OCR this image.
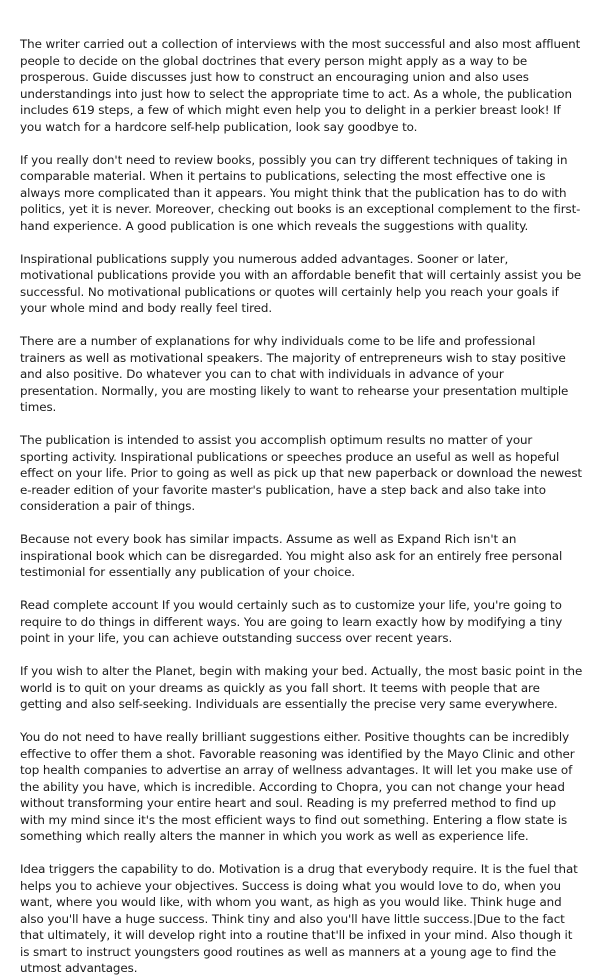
The writer carried out a collection of interviews with the most successful and also most affluent people to decide on the global doctrines that every person might apply as a way to be prosperous. Guide discusses just how to construct an encouraging union and also uses understandings into just how to select the appropriate time to act. As a whole, the publication includes 619 steps, a few of which might even help you to delight in a perkier breast look! If you watch for a hardcore self-help publication, look say goodbye to.

If you really don't need to review books, possibly you can try different techniques of taking in comparable material. When it pertains to publications, selecting the most effective one is always more complicated than it appears. You might think that the publication has to do with politics, yet it is never. Moreover, checking out books is an exceptional complement to the first-hand experience. A good publication is one which reveals the suggestions with quality.

Inspirational publications supply you numerous added advantages. Sooner or later, motivational publications provide you with an affordable benefit that will certainly assist you be successful. No motivational publications or quotes will certainly help you reach your goals if your whole mind and body really feel tired.

There are a number of explanations for why individuals come to be life and professional trainers as well as motivational speakers. The majority of entrepreneurs wish to stay positive and also positive. Do whatever you can to chat with individuals in advance of your presentation. Normally, you are mosting likely to want to rehearse your presentation multiple times.

The publication is intended to assist you accomplish optimum results no matter of your sporting activity. Inspirational publications or speeches produce an useful as well as hopeful effect on your life. Prior to going as well as pick up that new paperback or download the newest e-reader edition of your favorite master's publication, have a step back and also take into consideration a pair of things.

Because not every book has similar impacts. Assume as well as Expand Rich isn't an inspirational book which can be disregarded. You might also ask for an entirely free personal testimonial for essentially any publication of your choice.

Read complete account If you would certainly such as to customize your life, you're going to require to do things in different ways. You are going to learn exactly how by modifying a tiny point in your life, you can achieve outstanding success over recent years.

If you wish to alter the Planet, begin with making your bed. Actually, the most basic point in the world is to quit on your dreams as quickly as you fall short. It teems with people that are getting and also self-seeking. Individuals are essentially the precise very same everywhere.

You do not need to have really brilliant suggestions either. Positive thoughts can be incredibly effective to offer them a shot. Favorable reasoning was identified by the Mayo Clinic and other top health companies to advertise an array of wellness advantages. It will let you make use of the ability you have, which is incredible. According to Chopra, you can not change your head without transforming your entire heart and soul. Reading is my preferred method to find up with my mind since it's the most efficient ways to find out something. Entering a flow state is something which really alters the manner in which you work as well as experience life.

Idea triggers the capability to do. Motivation is a drug that everybody require. It is the fuel that helps you to achieve your objectives. Success is doing what you would love to do, when you want, where you would like, with whom you want, as high as you would like. Think huge and also you'll have a huge success. Think tiny and also you'll have little success.|Due to the fact that ultimately, it will develop right into a routine that'll be infixed in your mind. Also though it is smart to instruct youngsters good routines as well as manners at a young age to find the utmost advantages.
